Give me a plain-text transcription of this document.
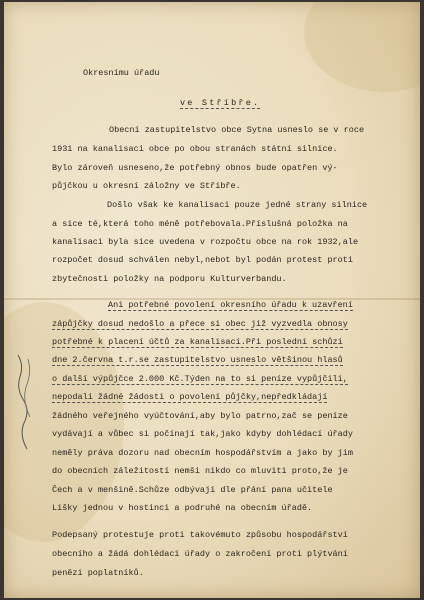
Okresnímu úřadu

ve Stříbře.

Obecní zastupitelstvo obce Sytna usneslo se v roce

1931 na kanalisaci obce po obou stranách státní silnice.

Bylo zároveň usneseno,že potřebný obnos bude opatřen vý-

půjčkou u okresní záložny ve Stříbře.

Došlo však ke kanalisaci pouze jedné strany silnice

a sice té,která toho méně potřebovala.Příslušná položka na

kanalisaci byla sice uvedena v rozpočtu obce na rok 1932,ale

rozpočet dosud schválen nebyl,nebot byl podán protest proti

zbytečnosti položky na podporu Kulturverbandu.

Ani potřebné povolení okresního úřadu k uzavření

zápůjčky dosud nedošlo a přece si obec již vyzvedla obnosy

potřebné k placení účtů za kanalisaci.Při poslední schůzi

dne 2.června t.r.se zastupitelstvo usneslo většinou hlasů

o další výpůjčce 2.000 Kč.Týden na to si peníze vypůjčili,

nepodali žádné žádosti o povolení půjčky,nepředkládají

žádného veřejného vyúčtování,aby bylo patrno,zač se peníze

vydávají a vůbec si počínají tak,jako kdyby dohlédací úřady

neměly práva dozoru nad obecním hospodářstvím a jako by jim

do obecních záležitostí nemši nikdo co mluviti proto,že je

Čech a v menšině.Schůze odbývají dle přání pana učitele

Lišky jednou v hostinci a podruhé na obecním úřadě.

Podepsaný protestuje proti takovémuto způsobu hospodářství

obecního a žádá dohlédací úřady o zakročení proti plýtvání

penězi poplatníků.
